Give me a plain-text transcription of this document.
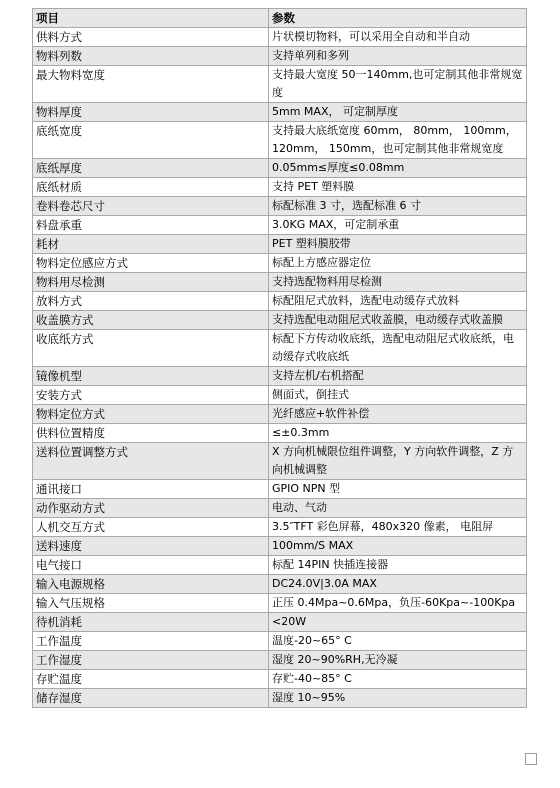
项目	参数
供料方式	片状模切物料，可以采用全自动和半自动
物料列数	支持单列和多列
最大物料宽度	支持最大宽度 50一140mm,也可定制其他非常规宽度
物料厚度	5mm MAX， 可定制厚度
底纸宽度	支持最大底纸宽度 60mm， 80mm， 100mm，120mm， 150mm，也可定制其他非常规宽度
底纸厚度	0.05mm≤厚度≤0.08mm
底纸材质	支持 PET 塑料膜
卷料卷芯尺寸	标配标准 3 寸，选配标准 6 寸
料盘承重	3.0KG MAX，可定制承重
耗材	PET 塑料膜胶带
物料定位感应方式	标配上方感应器定位
物料用尽检测	支持选配物料用尽检测
放料方式	标配阻尼式放料，选配电动缓存式放料
收盖膜方式	支持选配电动阻尼式收盖膜，电动缓存式收盖膜
收底纸方式	标配下方传动收底纸，选配电动阻尼式收底纸，电动缓存式收底纸
镜像机型	支持左机/右机搭配
安装方式	侧面式，倒挂式
物料定位方式	光纤感应+软件补偿
供料位置精度	≤±0.3mm
送料位置调整方式	X 方向机械限位组件调整，Y 方向软件调整，Z 方向机械调整
通讯接口	GPIO NPN 型
动作驱动方式	电动、气动
人机交互方式	3.5″TFT 彩色屏幕，480x320 像素， 电阻屏
送料速度	100mm/S MAX
电气接口	标配 14PIN 快插连接器
输入电源规格	DC24.0V|3.0A MAX
输入气压规格	正压 0.4Mpa~0.6Mpa，负压-60Kpa~-100Kpa
待机消耗	<20W
工作温度	温度-20~65° C
工作湿度	湿度 20~90%RH,无冷凝
存贮温度	存贮-40~85° C
储存湿度	湿度 10~95%
